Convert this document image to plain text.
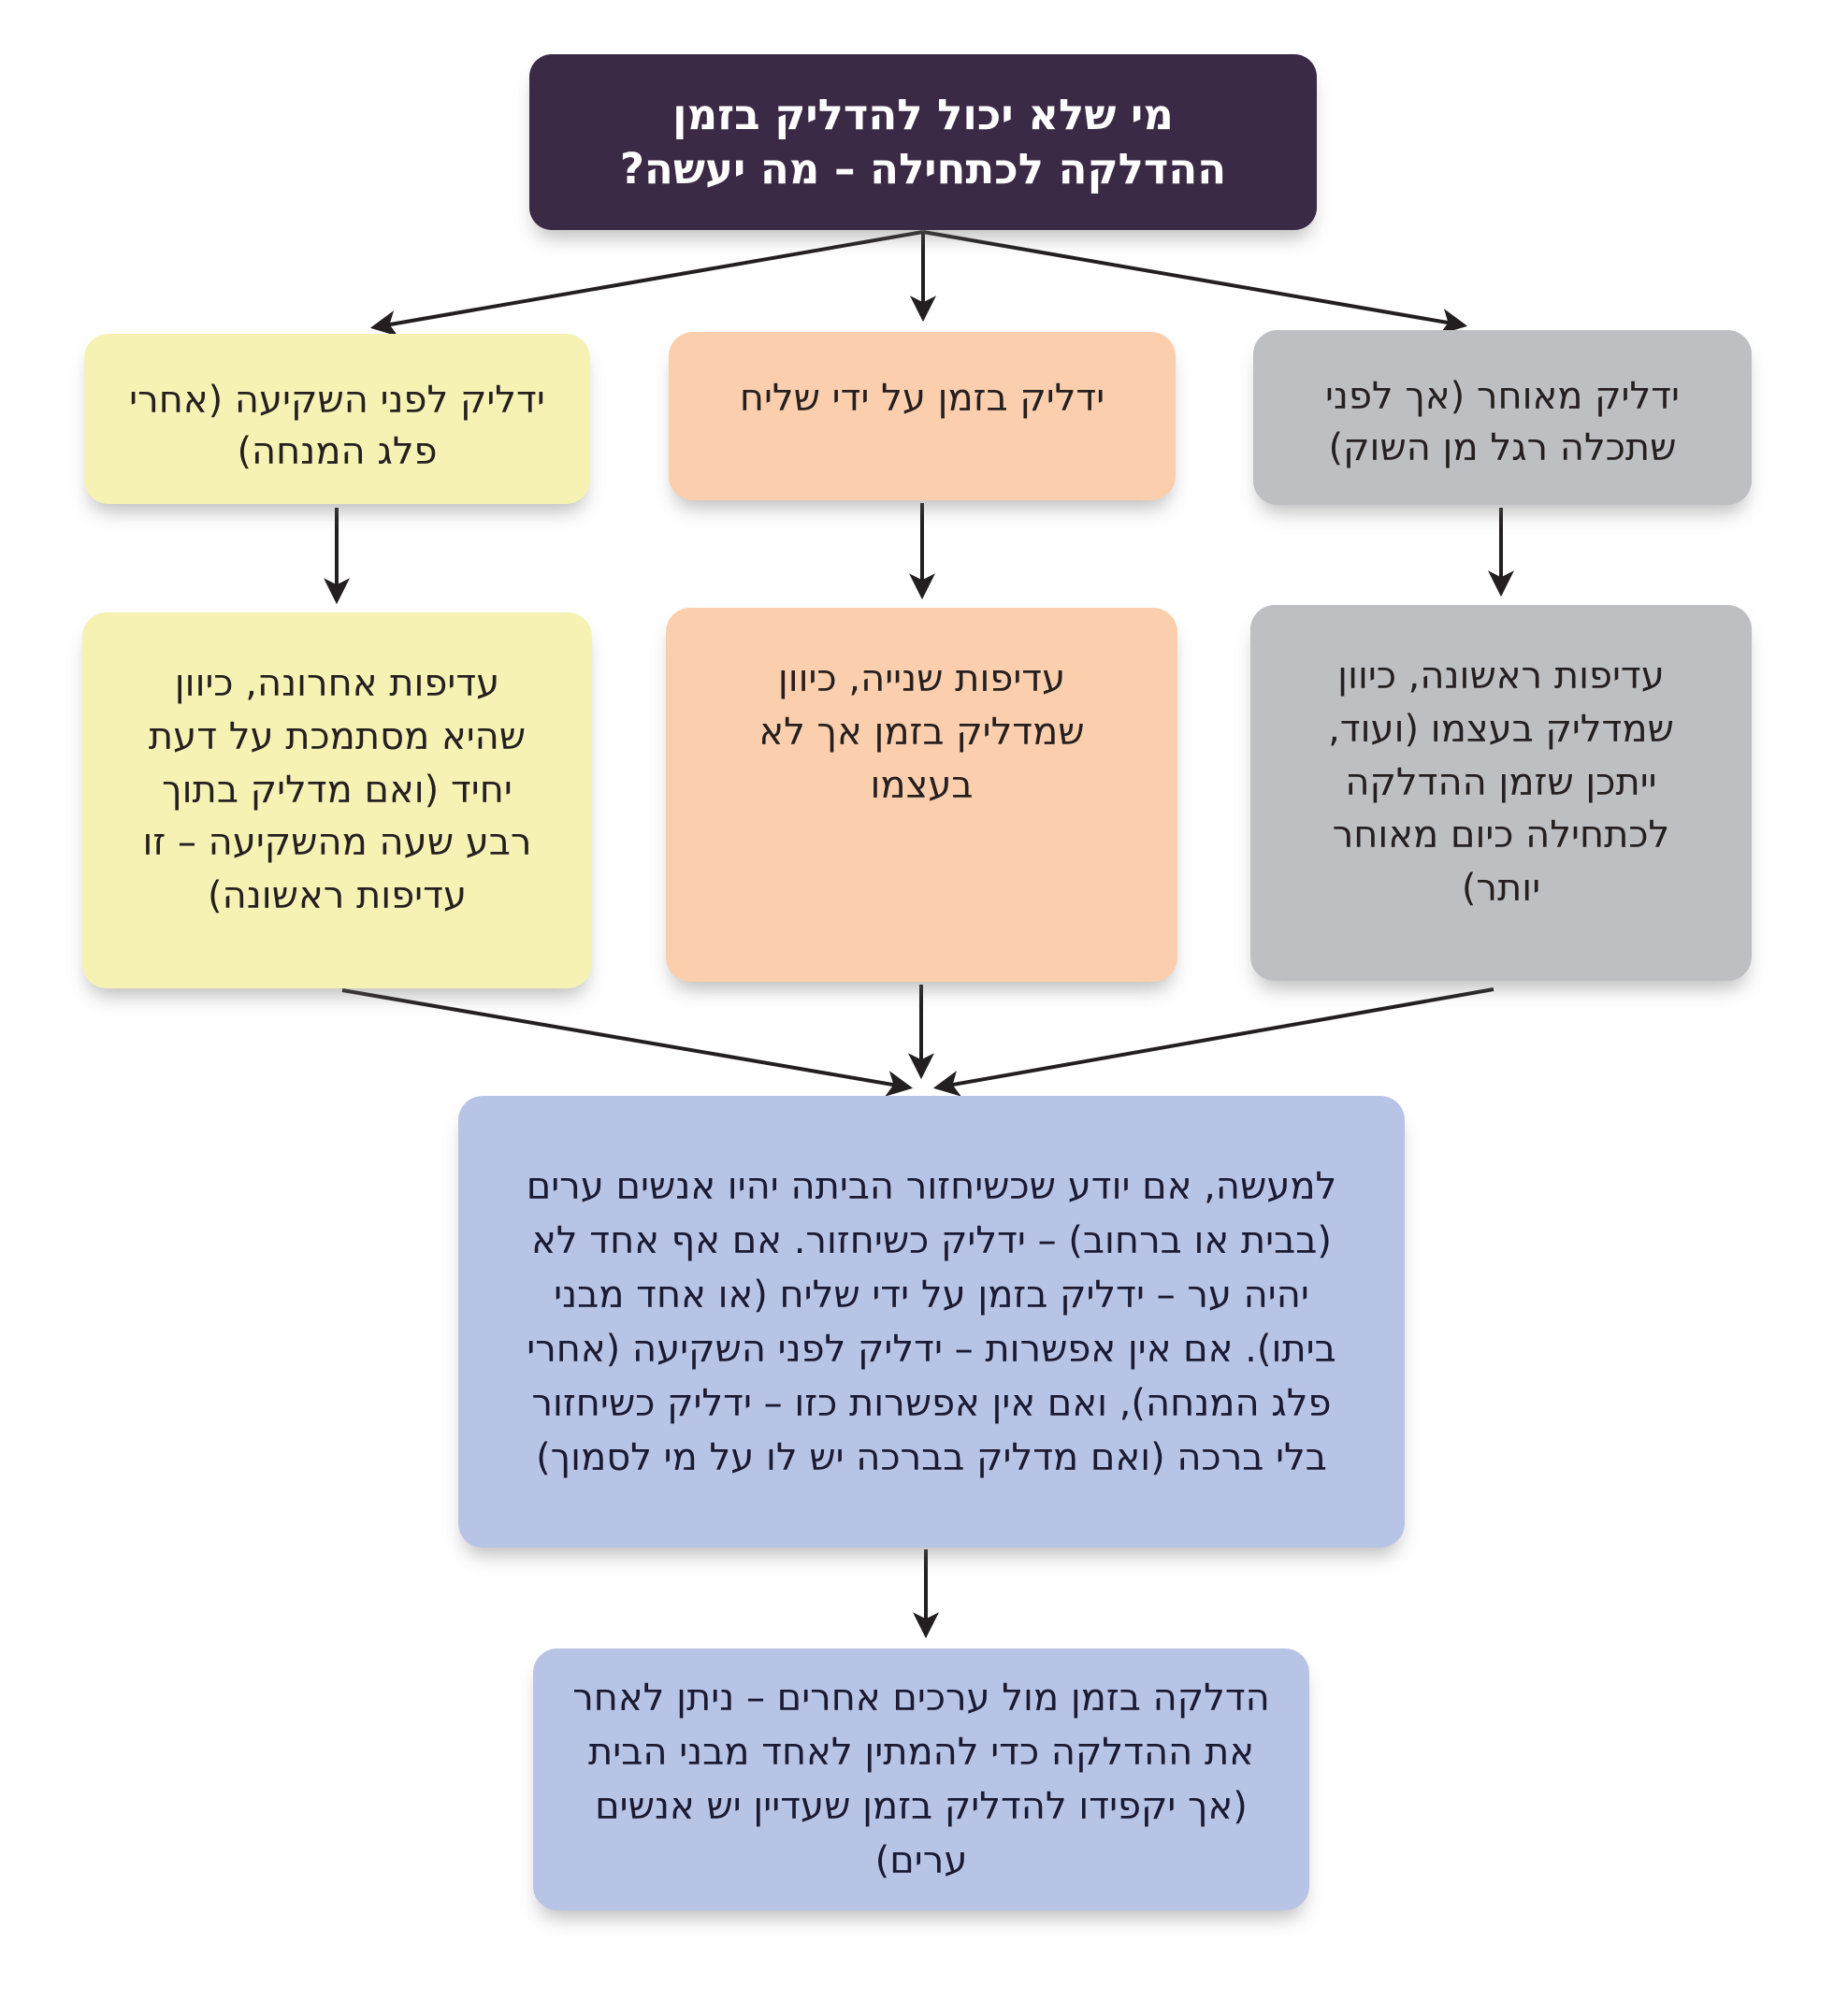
מי שלא יכול להדליק בזמן ההדלקה לכתחילה – מה יעשה?
ידליק לפני השקיעה (אחרי פלג המנחה)
ידליק בזמן על ידי שליח	ידליק מאוחר (אך לפני שתכלה רגל מן השוק)
עדיפות אחרונה, כיוון שהיא מסתמכת על דעת יחיד (ואם מדליק בתוך רבע שעה מהשקיעה – זו עדיפות ראשונה)
עדיפות שנייה, כיוון שמדליק בזמן אך לא בעצמו
עדיפות ראשונה, כיוון שמדליק בעצמו (ועוד, ייתכן שזמן ההדלקה לכתחילה כיום מאוחר יותר)
למעשה, אם יודע שכשיחזור הביתה יהיו אנשים ערים (בבית או ברחוב) – ידליק כשיחזור. אם אף אחד לא יהיה ער – ידליק בזמן על ידי שליח (או אחד מבני ביתו). אם אין אפשרות – ידליק לפני השקיעה (אחרי פלג המנחה), ואם אין אפשרות כזו – ידליק כשיחזור בלי ברכה (ואם מדליק בברכה יש לו על מי לסמוך)
הדלקה בזמן מול ערכים אחרים – ניתן לאחר את ההדלקה כדי להמתין לאחד מבני הבית (אך יקפידו להדליק בזמן שעדיין יש אנשים ערים)
